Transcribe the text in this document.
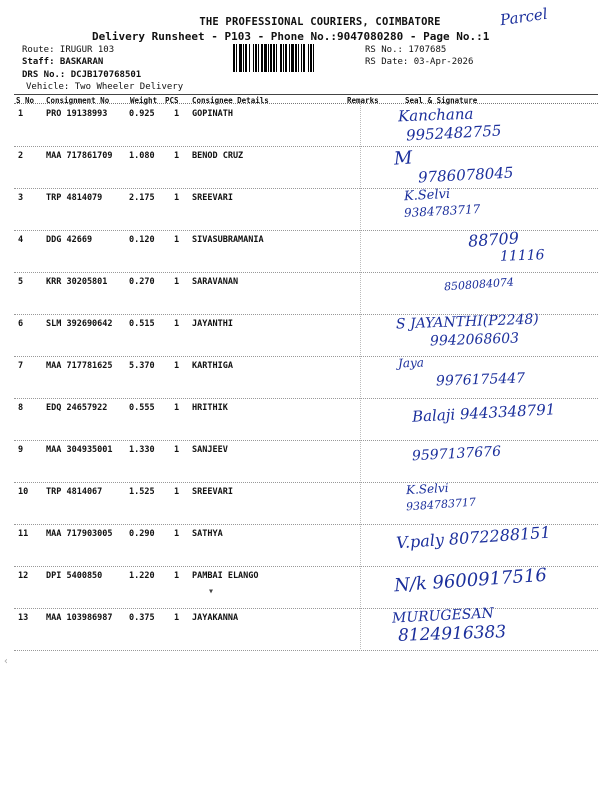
THE PROFESSIONAL COURIERS, COIMBATORE
Delivery Runsheet - P103 - Phone No.:9047080280 - Page No.:1
Parcel
Route: IRUGUR 103
Staff: BASKARAN
DRS No.: DCJB170768501
Vehicle: Two Wheeler Delivery
RS No.: 1707685
RS Date: 03-Apr-2026
S No Consignment No	Weight PCS Consignee Details	Remarks	Seal & Signature
1	PRO 19138993	0.925 1 GOPINATH	Kanchana
9952482755
2	MAA 717861709 1.080 1 BENOD CRUZ	M
9786078045
3	TRP 4814079	2.175 1 SREEVARI	K.Selvi
9384783717
4	DDG 42669	0.120 1 SIVASUBRAMANIA	88709
11116
5	KRR 30205801	0.270 1 SARAVANAN	8508084074
6	SLM 392690642 0.515 1 JAYANTHI	S JAYANTHI(P2248)
9942068603
7	MAA 717781625 5.370 1 KARTHIGA	Jaya
9976175447
8	EDQ 24657922	0.555 1 HRITHIK	Balaji 9443348791
9	MAA 304935001 1.330 1 SANJEEV	9597137676
10 TRP 4814067	1.525 1 SREEVARI	K.Selvi
9384783717
11 MAA 717903005 0.290 1 SATHYA	V.paly 8072288151
12 DPI 5400850	1.220 1 PAMBAI ELANGO	N/k 9600917516
13 MAA 103986987 0.375 1 JAYAKANNA	MURUGESAN
8124916383
▾
‹
